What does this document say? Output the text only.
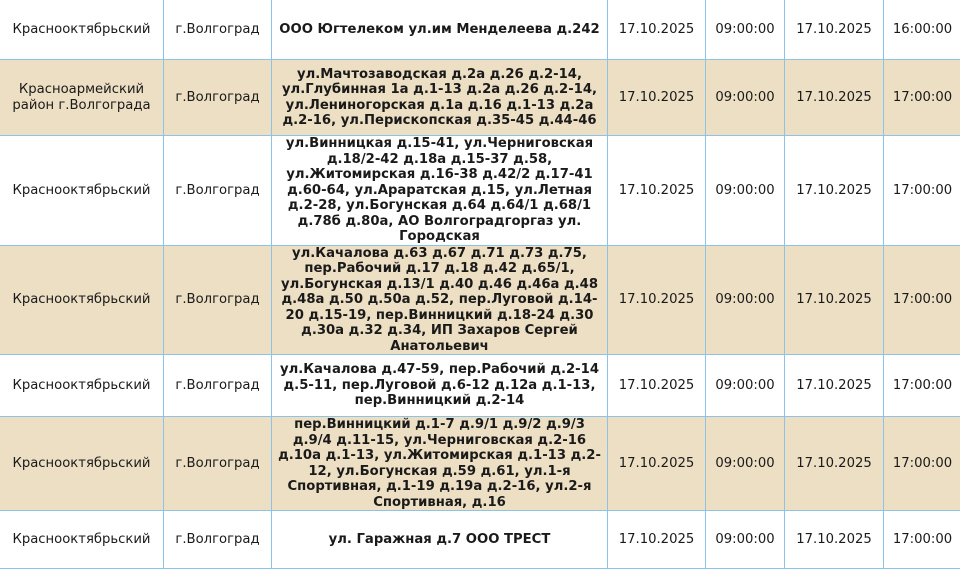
Краснооктябрьский	г.Волгоград	ООО Югтелеком ул.им Менделеева д.242	17.10.2025	09:00:00	17.10.2025	16:00:00
Красноармейский район г.Волгограда	г.Волгоград	ул.Мачтозаводская д.2а д.26 д.2-14, ул.Глубинная 1а д.1-13 д.2а д.26 д.2-14, ул.Лениногорская д.1а д.16 д.1-13 д.2а д.2-16, ул.Перископская д.35-45 д.44-46	17.10.2025	09:00:00	17.10.2025	17:00:00
Краснооктябрьский	г.Волгоград	ул.Винницкая д.15-41, ул.Черниговская д.18/2-42 д.18а д.15-37 д.58, ул.Житомирская д.16-38 д.42/2 д.17-41 д.60-64, ул.Араратская д.15, ул.Летная д.2-28, ул.Богунская д.64 д.64/1 д.68/1 д.78б д.80а, АО Волгоградгоргаз ул. Городская	17.10.2025	09:00:00	17.10.2025	17:00:00
Краснооктябрьский	г.Волгоград	ул.Качалова д.63 д.67 д.71 д.73 д.75, пер.Рабочий д.17 д.18 д.42 д.65/1, ул.Богунская д.13/1 д.40 д.46 д.46а д.48 д.48а д.50 д.50а д.52, пер.Луговой д.14-20 д.15-19, пер.Винницкий д.18-24 д.30 д.30а д.32 д.34, ИП Захаров Сергей Анатольевич	17.10.2025	09:00:00	17.10.2025	17:00:00
Краснооктябрьский	г.Волгоград	ул.Качалова д.47-59, пер.Рабочий д.2-14 д.5-11, пер.Луговой д.6-12 д.12а д.1-13, пер.Винницкий д.2-14	17.10.2025	09:00:00	17.10.2025	17:00:00
Краснооктябрьский	г.Волгоград	пер.Винницкий д.1-7 д.9/1 д.9/2 д.9/3 д.9/4 д.11-15, ул.Черниговская д.2-16 д.10а д.1-13, ул.Житомирская д.1-13 д.2-12, ул.Богунская д.59 д.61, ул.1-я Спортивная, д.1-19 д.19а д.2-16, ул.2-я Спортивная, д.16	17.10.2025	09:00:00	17.10.2025	17:00:00
Краснооктябрьский	г.Волгоград	ул. Гаражная д.7 ООО ТРЕСТ	17.10.2025	09:00:00	17.10.2025	17:00:00
